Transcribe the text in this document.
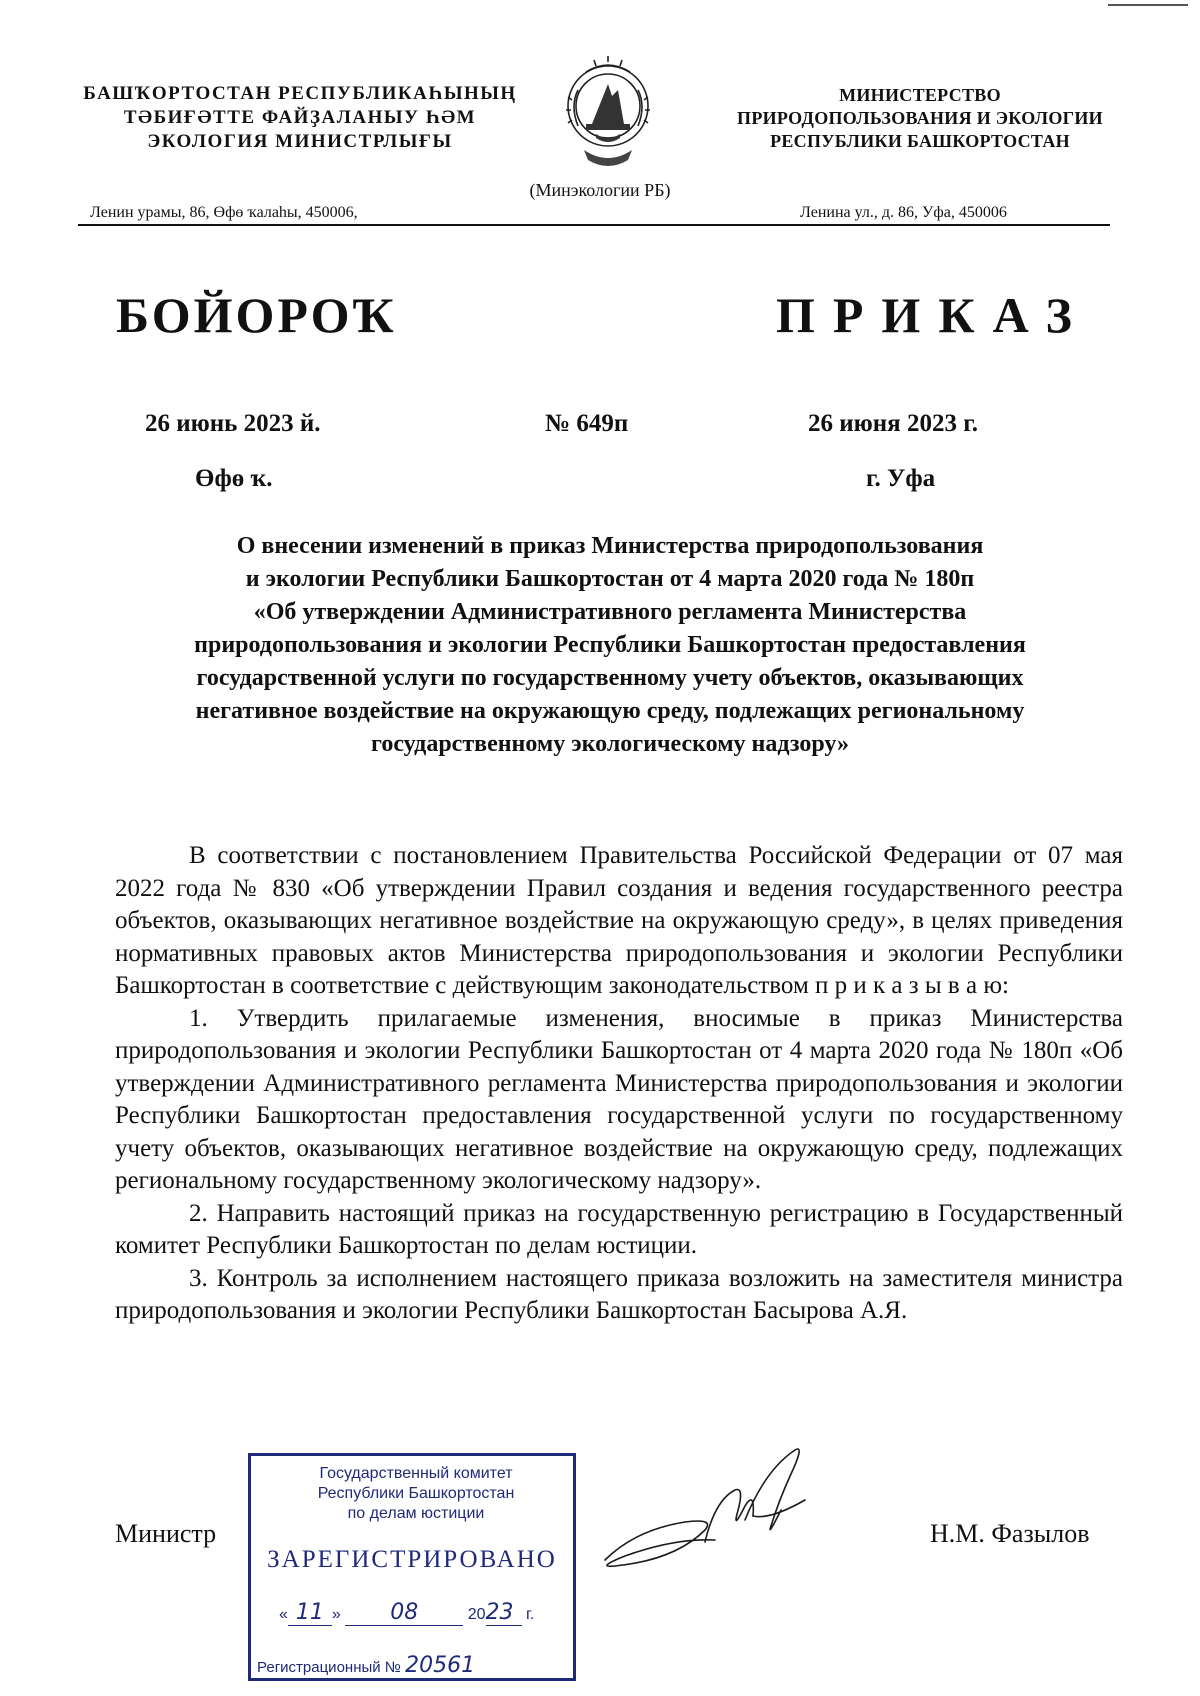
БАШҠОРТОСТАН РЕСПУБЛИКАҺЫНЫҢ
ТӘБИҒӘТТЕ ФАЙҘАЛАНЫУ ҺӘМ
ЭКОЛОГИЯ МИНИСТРЛЫҒЫ
МИНИСТЕРСТВО
ПРИРОДОПОЛЬЗОВАНИЯ И ЭКОЛОГИИ
РЕСПУБЛИКИ БАШКОРТОСТАН
(Минэкологии РБ)
Ленин урамы, 86, Өфө ҡалаһы, 450006,	Ленина ул., д. 86, Уфа, 450006
БОЙОРОҠ	ПРИКАЗ
26 июнь 2023 й.	№ 649п	26 июня 2023 г.
Өфө ҡ.	г. Уфа
О внесении изменений в приказ Министерства природопользования
и экологии Республики Башкортостан от 4 марта 2020 года № 180п
«Об утверждении Административного регламента Министерства
природопользования и экологии Республики Башкортостан предоставления
государственной услуги по государственному учету объектов, оказывающих
негативное воздействие на окружающую среду, подлежащих региональному
государственному экологическому надзору»

В соответствии с постановлением Правительства Российской Федерации от 07 мая 2022 года № 830 «Об утверждении Правил создания и ведения государственного реестра объектов, оказывающих негативное воздействие на окружающую среду», в целях приведения нормативных правовых актов Министерства природопользования и экологии Республики Башкортостан в соответствие с действующим законодательством п р и к а з ы в а ю:

1. Утвердить прилагаемые изменения, вносимые в приказ Министерства природопользования и экологии Республики Башкортостан от 4 марта 2020 года № 180п «Об утверждении Административного регламента Министерства природопользования и экологии Республики Башкортостан предоставления государственной услуги по государственному учету объектов, оказывающих негативное воздействие на окружающую среду, подлежащих региональному государственному экологическому надзору».

2. Направить настоящий приказ на государственную регистрацию в Государственный комитет Республики Башкортостан по делам юстиции.

3. Контроль за исполнением настоящего приказа возложить на заместителя министра природопользования и экологии Республики Башкортостан Басырова А.Я.

Министр
Государственный комитет
Республики Башкортостан
по делам юстиции
ЗАРЕГИСТРИРОВАНО
« 11 » 08	2023 г.
Регистрационный № 20561
Н.М. Фазылов
